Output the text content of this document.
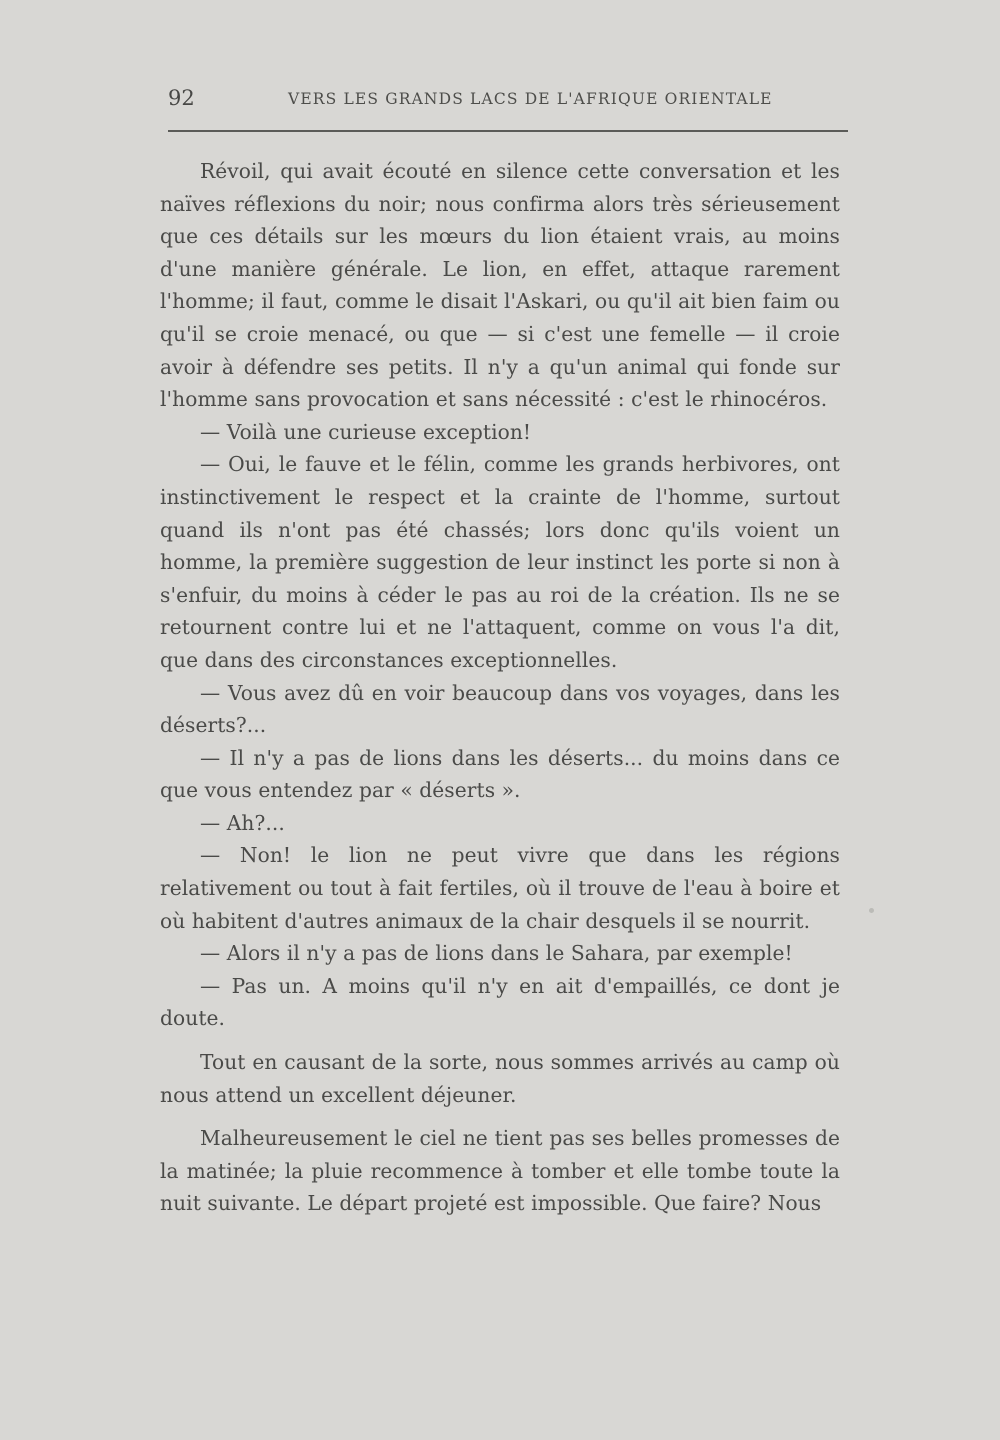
92	VERS LES GRANDS LACS DE L'AFRIQUE ORIENTALE

Révoil, qui avait écouté en silence cette conversation et les naïves réflexions du noir; nous confirma alors très sérieusement que ces détails sur les mœurs du lion étaient vrais, au moins d'une manière générale. Le lion, en effet, attaque rarement l'homme; il faut, comme le disait l'Askari, ou qu'il ait bien faim ou qu'il se croie menacé, ou que — si c'est une femelle — il croie avoir à défendre ses petits. Il n'y a qu'un animal qui fonde sur l'homme sans provocation et sans nécessité : c'est le rhinocéros.

— Voilà une curieuse exception!

— Oui, le fauve et le félin, comme les grands herbivores, ont instinctivement le respect et la crainte de l'homme, surtout quand ils n'ont pas été chassés; lors donc qu'ils voient un homme, la première suggestion de leur instinct les porte si non à s'enfuir, du moins à céder le pas au roi de la création. Ils ne se retournent contre lui et ne l'attaquent, comme on vous l'a dit, que dans des circonstances exceptionnelles.

— Vous avez dû en voir beaucoup dans vos voyages, dans les déserts?...

— Il n'y a pas de lions dans les déserts... du moins dans ce que vous entendez par « déserts ».

— Ah?...

— Non! le lion ne peut vivre que dans les régions relativement ou tout à fait fertiles, où il trouve de l'eau à boire et où habitent d'autres animaux de la chair desquels il se nourrit.

— Alors il n'y a pas de lions dans le Sahara, par exemple!

— Pas un. A moins qu'il n'y en ait d'empaillés, ce dont je doute.

Tout en causant de la sorte, nous sommes arrivés au camp où nous attend un excellent déjeuner.

Malheureusement le ciel ne tient pas ses belles promesses de la matinée; la pluie recommence à tomber et elle tombe toute la nuit suivante. Le départ projeté est impossible. Que faire? Nous
